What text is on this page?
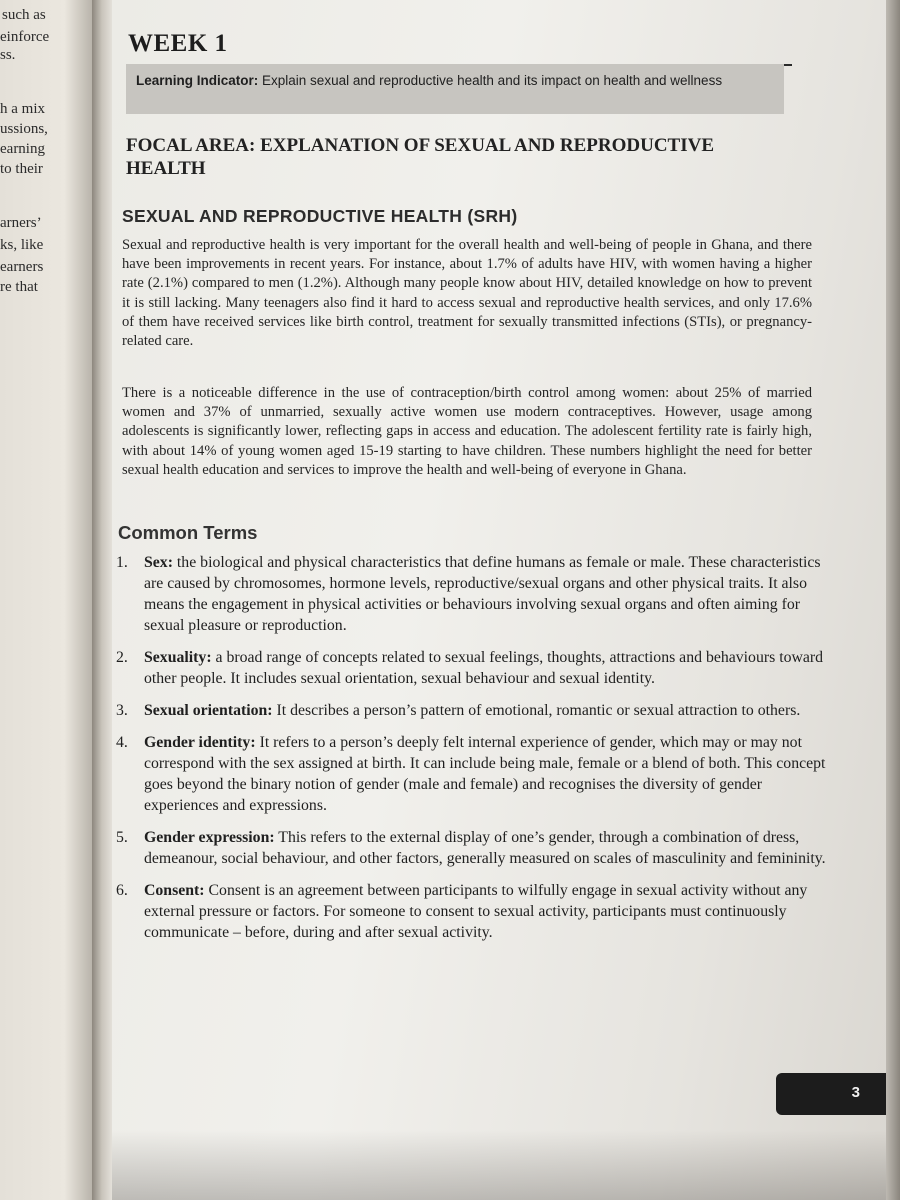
such as
einforce
ss.
h a mix
ussions,
earning
to their
arners’
ks, like
earners
re that
WEEK 1
Learning Indicator: Explain sexual and reproductive health and its impact on health and wellness
FOCAL AREA: EXPLANATION OF SEXUAL AND REPRODUCTIVE HEALTH
SEXUAL AND REPRODUCTIVE HEALTH (SRH)
Sexual and reproductive health is very important for the overall health and well-being of people in Ghana, and there have been improvements in recent years. For instance, about 1.7% of adults have HIV, with women having a higher rate (2.1%) compared to men (1.2%). Although many people know about HIV, detailed knowledge on how to prevent it is still lacking. Many teenagers also find it hard to access sexual and reproductive health services, and only 17.6% of them have received services like birth control, treatment for sexually transmitted infections (STIs), or pregnancy-related care.
There is a noticeable difference in the use of contraception/birth control among women: about 25% of married women and 37% of unmarried, sexually active women use modern contraceptives. However, usage among adolescents is significantly lower, reflecting gaps in access and education. The adolescent fertility rate is fairly high, with about 14% of young women aged 15-19 starting to have children. These numbers highlight the need for better sexual health education and services to improve the health and well-being of everyone in Ghana.
Common Terms
1. Sex: the biological and physical characteristics that define humans as female or male. These characteristics are caused by chromosomes, hormone levels, reproductive/sexual organs and other physical traits. It also means the engagement in physical activities or behaviours involving sexual organs and often aiming for sexual pleasure or reproduction.
2. Sexuality: a broad range of concepts related to sexual feelings, thoughts, attractions and behaviours toward other people. It includes sexual orientation, sexual behaviour and sexual identity.
3. Sexual orientation: It describes a person’s pattern of emotional, romantic or sexual attraction to others.
4. Gender identity: It refers to a person’s deeply felt internal experience of gender, which may or may not correspond with the sex assigned at birth. It can include being male, female or a blend of both. This concept goes beyond the binary notion of gender (male and female) and recognises the diversity of gender experiences and expressions.
5. Gender expression: This refers to the external display of one’s gender, through a combination of dress, demeanour, social behaviour, and other factors, generally measured on scales of masculinity and femininity.
6. Consent: Consent is an agreement between participants to wilfully engage in sexual activity without any external pressure or factors. For someone to consent to sexual activity, participants must continuously communicate – before, during and after sexual activity.
3
